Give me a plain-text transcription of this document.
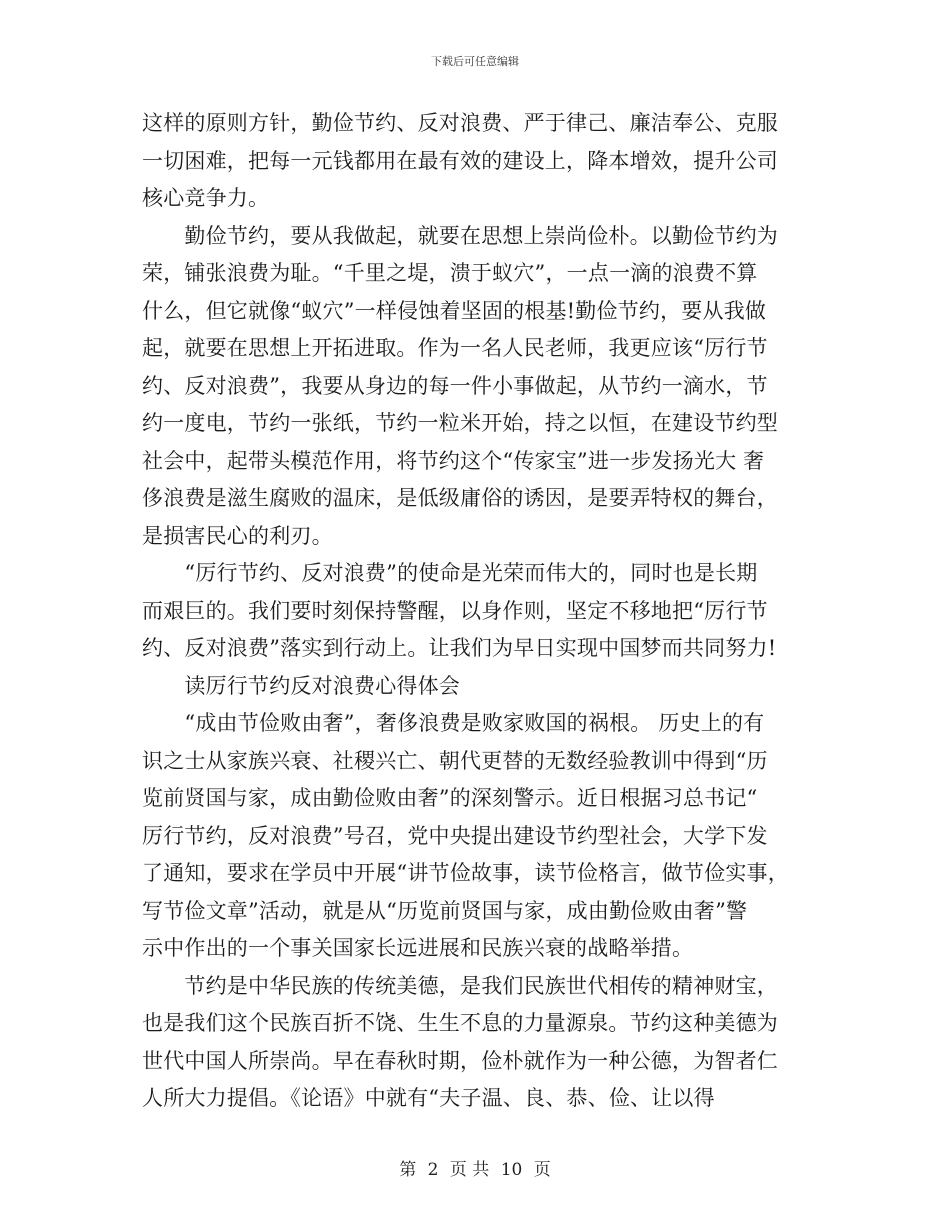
下载后可任意编辑
这样的原则方针，勤俭节约、反对浪费、严于律己、廉洁奉公、克服
一切困难，把每一元钱都用在最有效的建设上，降本增效，提升公司
核心竞争力。
　　勤俭节约，要从我做起，就要在思想上崇尚俭朴。以勤俭节约为
荣，铺张浪费为耻。“千里之堤，溃于蚁穴”，一点一滴的浪费不算
什么，但它就像“蚁穴”一样侵蚀着坚固的根基!勤俭节约，要从我做
起，就要在思想上开拓进取。作为一名人民老师，我更应该“厉行节
约、反对浪费”，我要从身边的每一件小事做起，从节约一滴水，节
约一度电，节约一张纸，节约一粒米开始，持之以恒，在建设节约型
社会中，起带头模范作用，将节约这个“传家宝”进一步发扬光大 奢
侈浪费是滋生腐败的温床，是低级庸俗的诱因，是要弄特权的舞台，
是损害民心的利刃。
　　“厉行节约、反对浪费”的使命是光荣而伟大的，同时也是长期
而艰巨的。我们要时刻保持警醒，以身作则，坚定不移地把“厉行节
约、反对浪费”落实到行动上。让我们为早日实现中国梦而共同努力!
　　读厉行节约反对浪费心得体会
　　“成由节俭败由奢”，奢侈浪费是败家败国的祸根。 历史上的有
识之士从家族兴衰、社稷兴亡、朝代更替的无数经验教训中得到“历
览前贤国与家，成由勤俭败由奢”的深刻警示。近日根据习总书记“
厉行节约，反对浪费”号召，党中央提出建设节约型社会，大学下发
了通知，要求在学员中开展“讲节俭故事，读节俭格言，做节俭实事，
写节俭文章”活动，就是从“历览前贤国与家，成由勤俭败由奢”警
示中作出的一个事关国家长远进展和民族兴衰的战略举措。
　　节约是中华民族的传统美德，是我们民族世代相传的精神财宝，
也是我们这个民族百折不饶、生生不息的力量源泉。节约这种美德为
世代中国人所崇尚。早在春秋时期，俭朴就作为一种公德，为智者仁
人所大力提倡。《论语》中就有“夫子温、良、恭、俭、让以得
第 2 页 共 10 页
